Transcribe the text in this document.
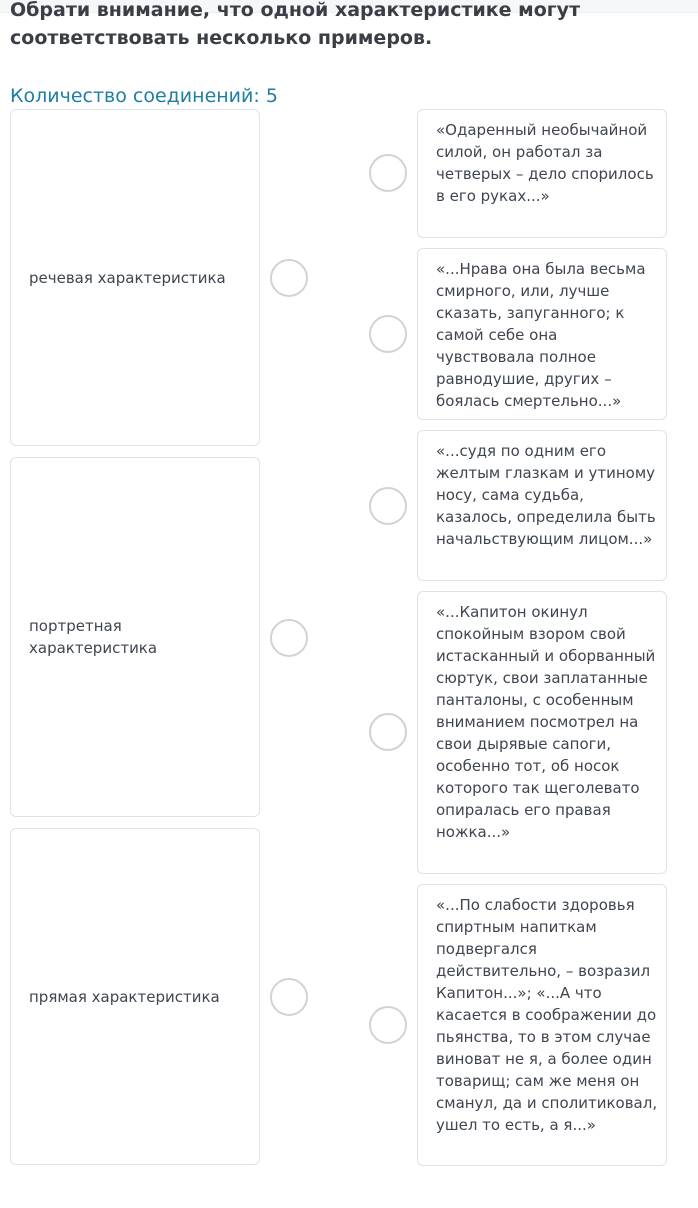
Обрати внимание, что одной характеристике могут соответствовать несколько примеров.

Количество соединений: 5

речевая характеристика
портретная характеристика
прямая характеристика
«Одаренный необычайной силой, он работал за четверых – дело спорилось в его руках...»
«...Нрава она была весьма смирного, или, лучше сказать, запуганного; к самой себе она чувствовала полное равнодушие, других – боялась смертельно...»
«...судя по одним его желтым глазкам и утиному носу, сама судьба, казалось, определила быть начальствующим лицом...»
«...Капитон окинул спокойным взором свой истасканный и оборванный сюртук, свои заплатанные панталоны, с особенным вниманием посмотрел на свои дырявые сапоги, особенно тот, об носок которого так щеголевато опиралась его правая ножка...»
«...По слабости здоровья спиртным напиткам подвергался действительно, – возразил Капитон...»; «...А что касается в соображении до пьянства, то в этом случае виноват не я, а более один товарищ; сам же меня он сманул, да и сполитиковал, ушел то есть, а я...»
